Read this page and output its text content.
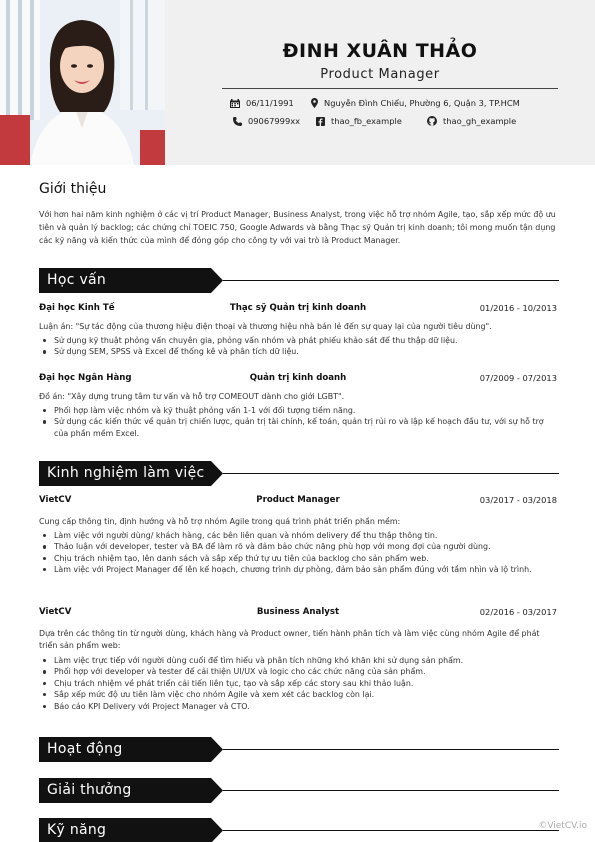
ĐINH XUÂN THẢO
Product Manager
06/11/1991	Nguyễn Đình Chiểu, Phường 6, Quận 3, TP.HCM
09067999xx	thao_fb_example	thao_gh_example
Giới thiệu
Với hơn hai năm kinh nghiệm ở các vị trí Product Manager, Business Analyst, trong việc hỗ trợ nhóm Agile, tạo, sắp xếp mức độ ưu tiên và quản lý backlog; các chứng chỉ TOEIC 750, Google Adwards và bằng Thạc sỹ Quản trị kinh doanh; tôi mong muốn tận dụng các kỹ năng và kiến thức của mình để đóng góp cho công ty với vai trò là Product Manager.
Học vấn
Đại học Kinh Tế	Thạc sỹ Quản trị kinh doanh	01/2016 - 10/2013
Luận án: "Sự tác động của thương hiệu điện thoại và thương hiệu nhà bán lẻ đến sự quay lại của người tiêu dùng".
Sử dụng kỹ thuật phỏng vấn chuyên gia, phỏng vấn nhóm và phát phiếu khảo sát để thu thập dữ liệu.
Sử dụng SEM, SPSS và Excel để thống kê và phân tích dữ liệu.
Đại học Ngân Hàng	Quản trị kinh doanh	07/2009 - 07/2013
Đồ án: "Xây dựng trung tâm tư vấn và hỗ trợ COMEOUT dành cho giới LGBT".
Phối hợp làm việc nhóm và kỹ thuật phỏng vấn 1-1 với đối tượng tiềm năng.
Sử dụng các kiến thức về quản trị chiến lược, quản trị tài chính, kế toán, quản trị rủi ro và lập kế hoạch đầu tư, với sự hỗ trợ của phần mềm Excel.
Kinh nghiệm làm việc
VietCV	Product Manager	03/2017 - 03/2018
Cung cấp thông tin, định hướng và hỗ trợ nhóm Agile trong quá trình phát triển phần mềm:
Làm việc với người dùng/ khách hàng, các bên liên quan và nhóm delivery để thu thập thông tin.
Thảo luận với developer, tester và BA để làm rõ và đảm bảo chức năng phù hợp với mong đợi của người dùng.
Chịu trách nhiệm tạo, lên danh sách và sắp xếp thứ tự ưu tiên của backlog cho sản phẩm web.
Làm việc với Project Manager để lên kế hoạch, chương trình dự phòng, đảm bảo sản phẩm đúng với tầm nhìn và lộ trình.
VietCV	Business Analyst	02/2016 - 03/2017
Dựa trên các thông tin từ người dùng, khách hàng và Product owner, tiến hành phân tích và làm việc cùng nhóm Agile để phát triển sản phẩm web:
Làm việc trực tiếp với người dùng cuối để tìm hiểu và phân tích những khó khăn khi sử dụng sản phẩm.
Phối hợp với developer và tester để cải thiện UI/UX và logic cho các chức năng của sản phẩm.
Chịu trách nhiệm về phát triển cải tiến liên tục, tạo và sắp xếp các story sau khi thảo luận.
Sắp xếp mức độ ưu tiên làm việc cho nhóm Agile và xem xét các backlog còn lại.
Báo cáo KPI Delivery với Project Manager và CTO.
Hoạt động
Giải thưởng
Kỹ năng	©VietCV.io
